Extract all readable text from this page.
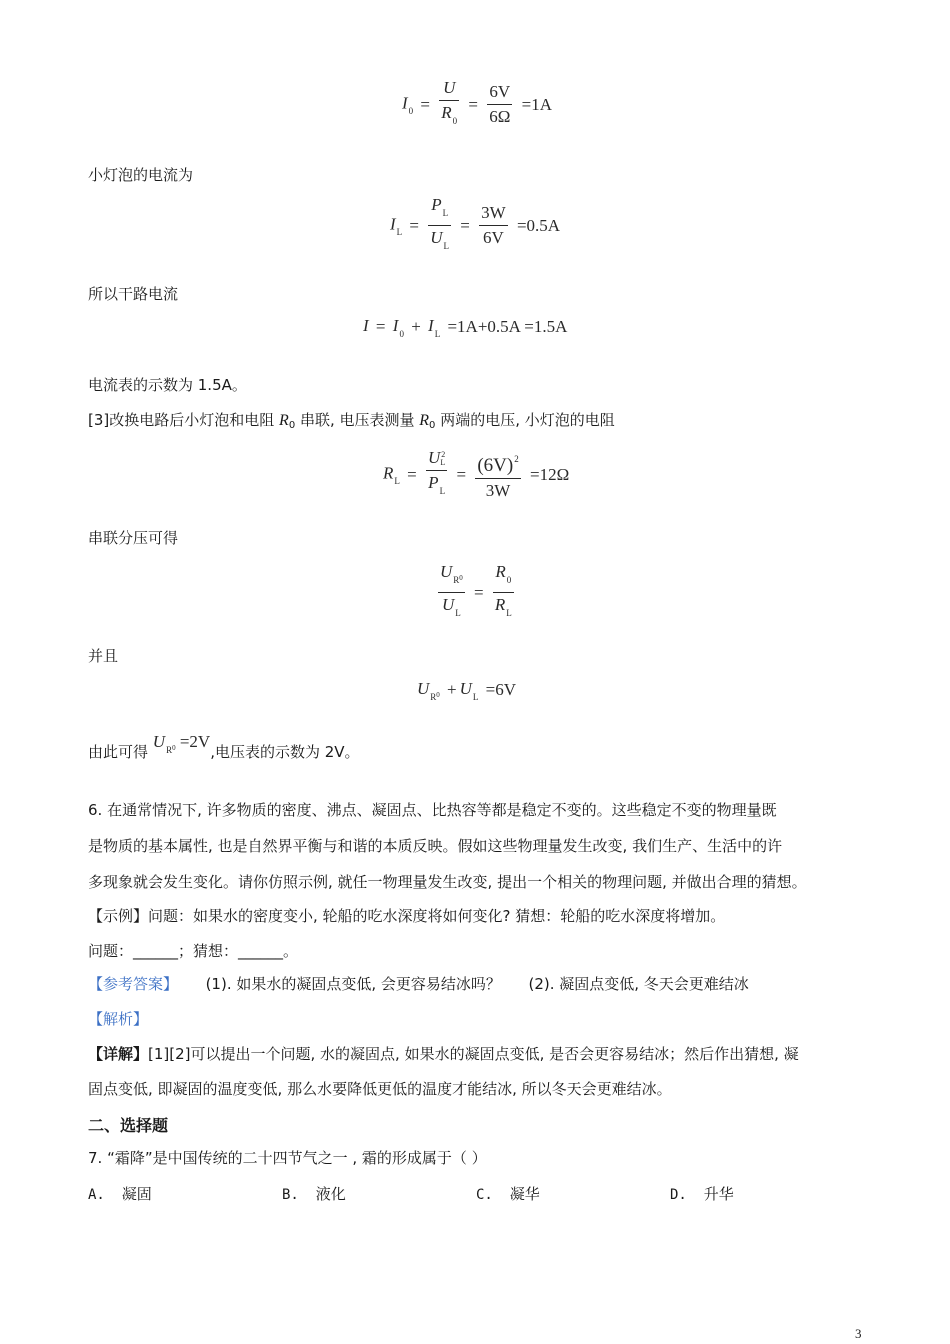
$I_0 = \frac{U}{R_0} = \frac{6V}{6\Omega} =1A$
小灯泡的电流为
$I_L = \frac{P_L}{U_L} = \frac{3W}{6V} =0.5A$
所以干路电流
$I = I_0 + I_L =1A+0.5A =1.5A$
电流表的示数为 1.5A。
[3]改换电路后小灯泡和电阻 $R_0$ 串联, 电压表测量 $R_0$ 两端的电压, 小灯泡的电阻
$R_L = U$ 2
L
$P_L = \frac{(6V)^2}{3W} =12\Omega$
串联分压可得
$\frac{U_R0}{U_L} = \frac{R_0}{R_L}$
并且
$U_R0 + U_L =6V$
由此可得 $U_R0 =2V$,电压表的示数为 2V。
6. 在通常情况下, 许多物质的密度、沸点、凝固点、比热容等都是稳定不变的。这些稳定不变的物理量既
是物质的基本属性, 也是自然界平衡与和谐的本质反映。假如这些物理量发生改变, 我们生产、生活中的许
多现象就会发生变化。请你仿照示例, 就任一物理量发生改变, 提出一个相关的物理问题, 并做出合理的猜想。
【示例】问题：如果水的密度变小, 轮船的吃水深度将如何变化? 猜想：轮船的吃水深度将增加。
问题：______；猜想：______。
【参考答案】 (1). 如果水的凝固点变低, 会更容易结冰吗？ (2). 凝固点变低, 冬天会更难结冰
【解析】
【详解】[1][2]可以提出一个问题, 水的凝固点, 如果水的凝固点变低, 是否会更容易结冰；然后作出猜想, 凝
固点变低, 即凝固的温度变低, 那么水要降低更低的温度才能结冰, 所以冬天会更难结冰。
二、选择题
7. “霜降”是中国传统的二十四节气之一 , 霜的形成属于（ ）
A. 凝固	B. 液化	C. 凝华	D. 升华
3
